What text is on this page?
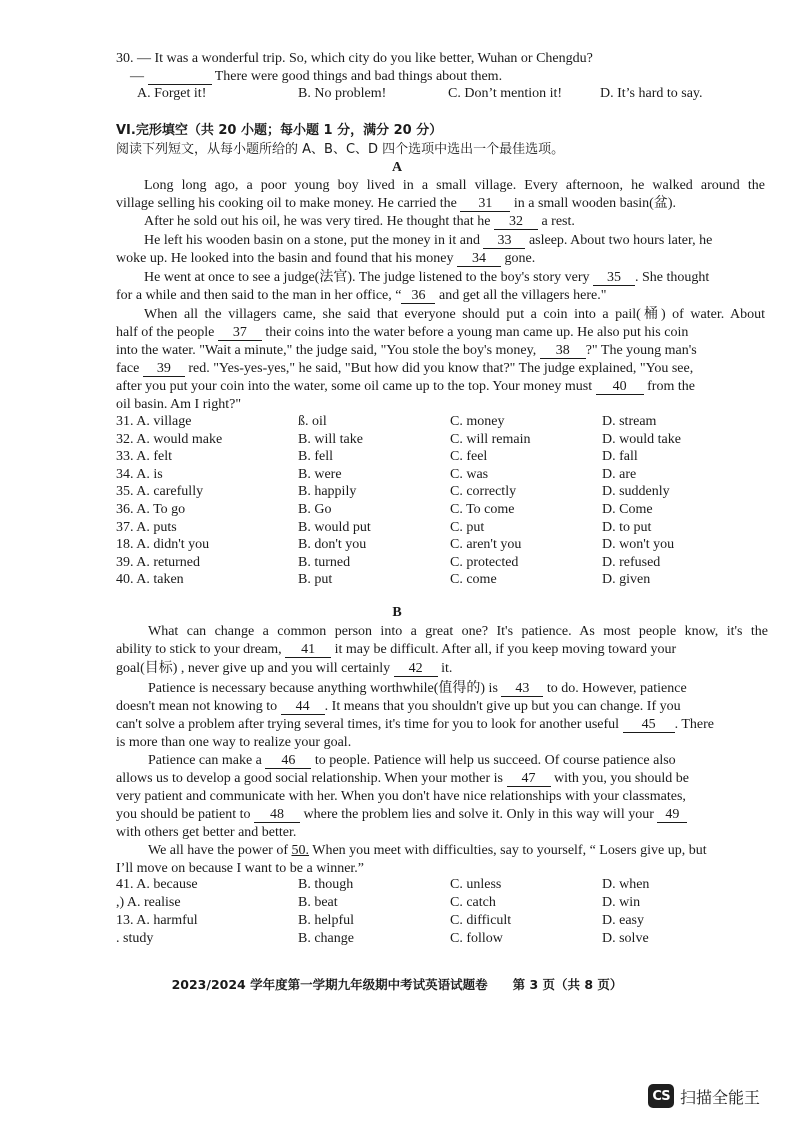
30. — It was a wonderful trip. So, which city do you like better, Wuhan or Chengdu?
—	There were good things and bad things about them.
A. Forget it!	B. No problem!	C. Don’t mention it!	D. It’s hard to say.
VI.完形填空（共 20 小题；每小题 1 分，满分 20 分）
阅读下列短文，从每小题所给的 A、B、C、D 四个选项中选出一个最佳选项。
A
Long long ago, a poor young boy lived in a small village. Every afternoon, he walked around the
village selling his cooking oil to make money. He carried the 31 in a small wooden basin(盆).
After he sold out his oil, he was very tired. He thought that he 32 a rest.
He left his wooden basin on a stone, put the money in it and 33 asleep. About two hours later, he
woke up. He looked into the basin and found that his money 34 gone.
He went at once to see a judge(法官). The judge listened to the boy's story very 35 . She thought
for a while and then said to the man in her office, “ 36 and get all the villagers here."
When all the villagers came, she said that everyone should put a coin into a pail(桶) of water. About
half of the people 37 their coins into the water before a young man came up. He also put his coin
into the water. "Wait a minute," the judge said, "You stole the boy's money, 38 ?" The young man's
face 39 red. "Yes-yes-yes," he said, "But how did you know that?" The judge explained, "You see,
after you put your coin into the water, some oil came up to the top. Your money must 40 from the
oil basin. Am I right?"
31. A. village	ß. oil	C. money	D. stream
32. A. would make	B. will take	C. will remain	D. would take
33. A. felt	B. fell	C. feel	D. fall
34. A. is	B. were	C. was	D. are
35. A. carefully	B. happily	C. correctly	D. suddenly
36. A. To go	B. Go	C. To come	D. Come
37. A. puts	B. would put	C. put	D. to put
18. A. didn't you	B. don't you	C. aren't you	D. won't you
39. A. returned	B. turned	C. protected	D. refused
40. A. taken	B. put	C. come	D. given
B
What can change a common person into a great one? It's patience. As most people know, it's the
ability to stick to your dream, 41 it may be difficult. After all, if you keep moving toward your
goal(目标) , never give up and you will certainly 42 it.
Patience is necessary because anything worthwhile(值得的) is 43 to do. However, patience
doesn't mean not knowing to 44 . It means that you shouldn't give up but you can change. If you
can't solve a problem after trying several times, it's time for you to look for another useful 45 . There
is more than one way to realize your goal.
Patience can make a 46 to people. Patience will help us succeed. Of course patience also
allows us to develop a good social relationship. When your mother is 47 with you, you should be
very patient and communicate with her. When you don't have nice relationships with your classmates,
you should be patient to 48 where the problem lies and solve it. Only in this way will your 49
with others get better and better.
We all have the power of 50. When you meet with difficulties, say to yourself, “ Losers give up, but
I’ll move on because I want to be a winner.”
41. A. because	B. though	C. unless	D. when
,) A. realise	B. beat	C. catch	D. win
13. A. harmful	B. helpful	C. difficult	D. easy
. study	B. change	C. follow	D. solve
2023/2024 学年度第一学期九年级期中考试英语试题卷　　第 3 页（共 8 页）
CS 扫描全能王
